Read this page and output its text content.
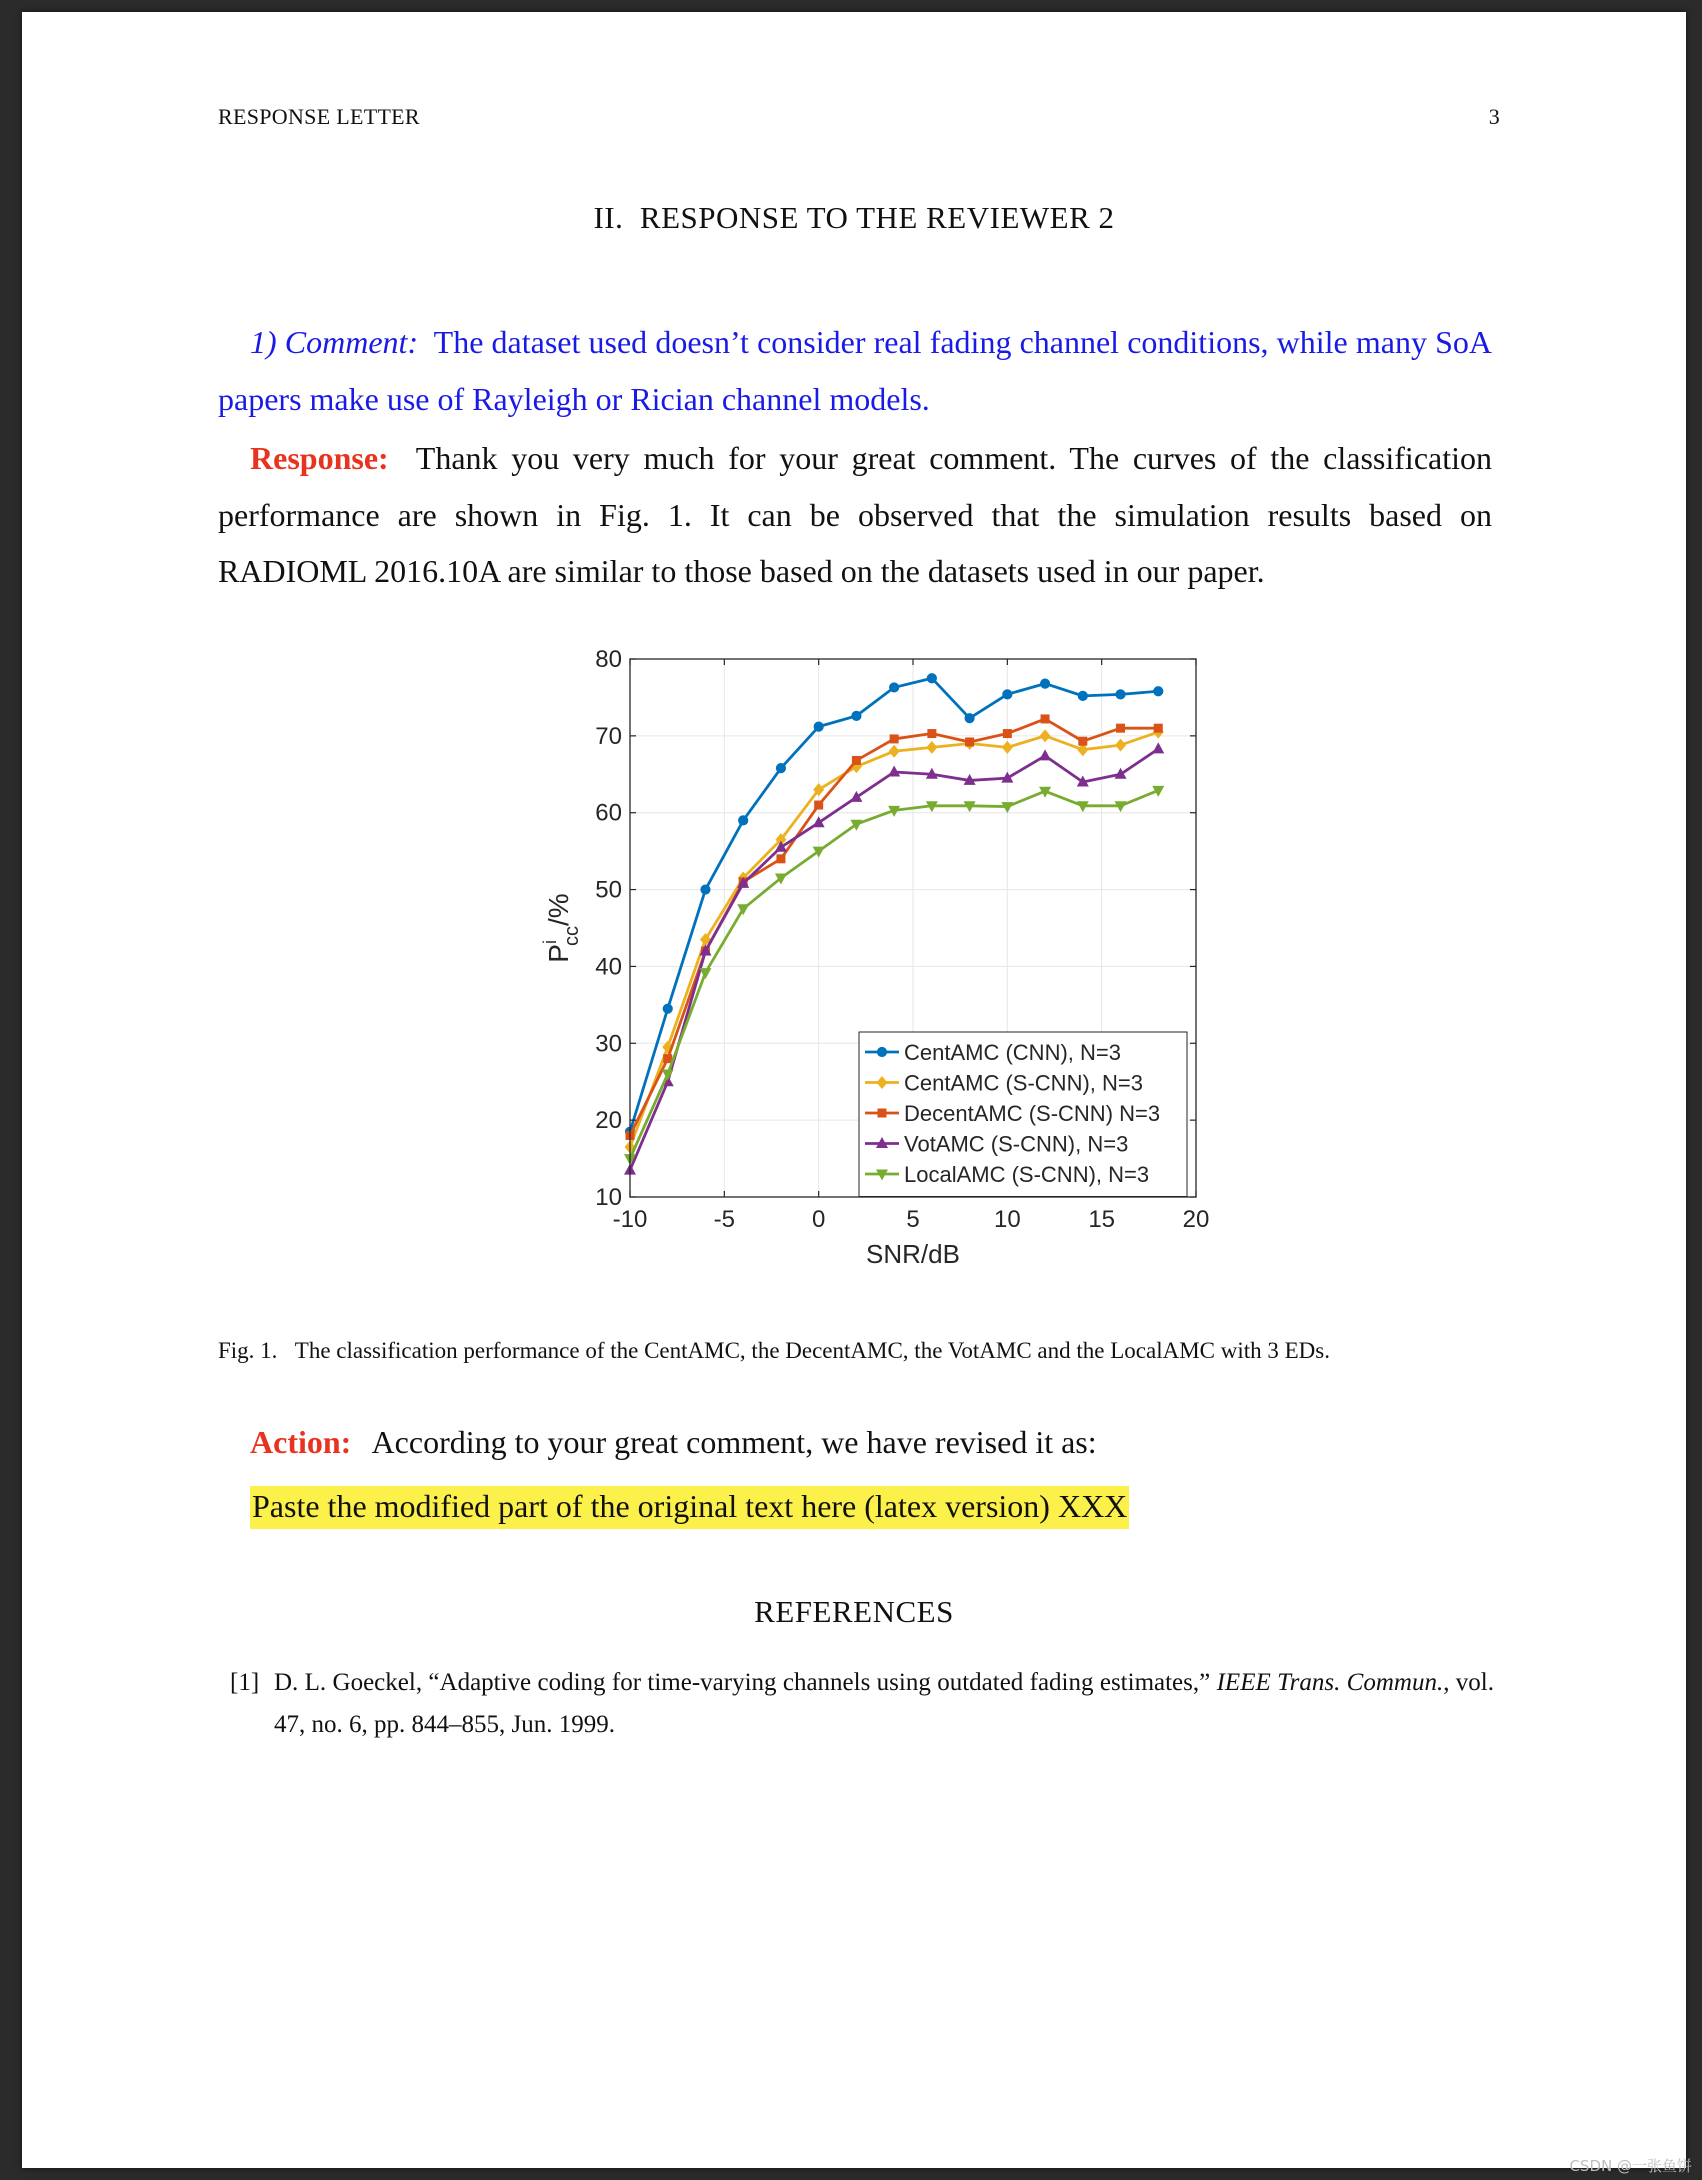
RESPONSE LETTER	3
II. RESPONSE TO THE REVIEWER 2
1) Comment: The dataset used doesn’t consider real fading channel conditions, while many SoA papers make use of Rayleigh or Rician channel models.
Response: Thank you very much for your great comment. The curves of the classification performance are shown in Fig. 1. It can be observed that the simulation results based on RADIOML 2016.10A are similar to those based on the datasets used in our paper.
-10	-5	0	5	10	15	20
10
20
30
40
50
60
70
80
SNR/dB
$P^icc/\%$
CentAMC (CNN), N=3
CentAMC (S-CNN), N=3
DecentAMC (S-CNN) N=3
VotAMC (S-CNN), N=3
LocalAMC (S-CNN), N=3
Fig. 1. The classification performance of the CentAMC, the DecentAMC, the VotAMC and the LocalAMC with 3 EDs.
Action: According to your great comment, we have revised it as:
Paste the modified part of the original text here (latex version) XXX
REFERENCES
[1] D. L. Goeckel, “Adaptive coding for time-varying channels using outdated fading estimates,” IEEE Trans. Commun., vol. 47, no. 6, pp. 844–855, Jun. 1999.
CSDN @一张鱼饼
